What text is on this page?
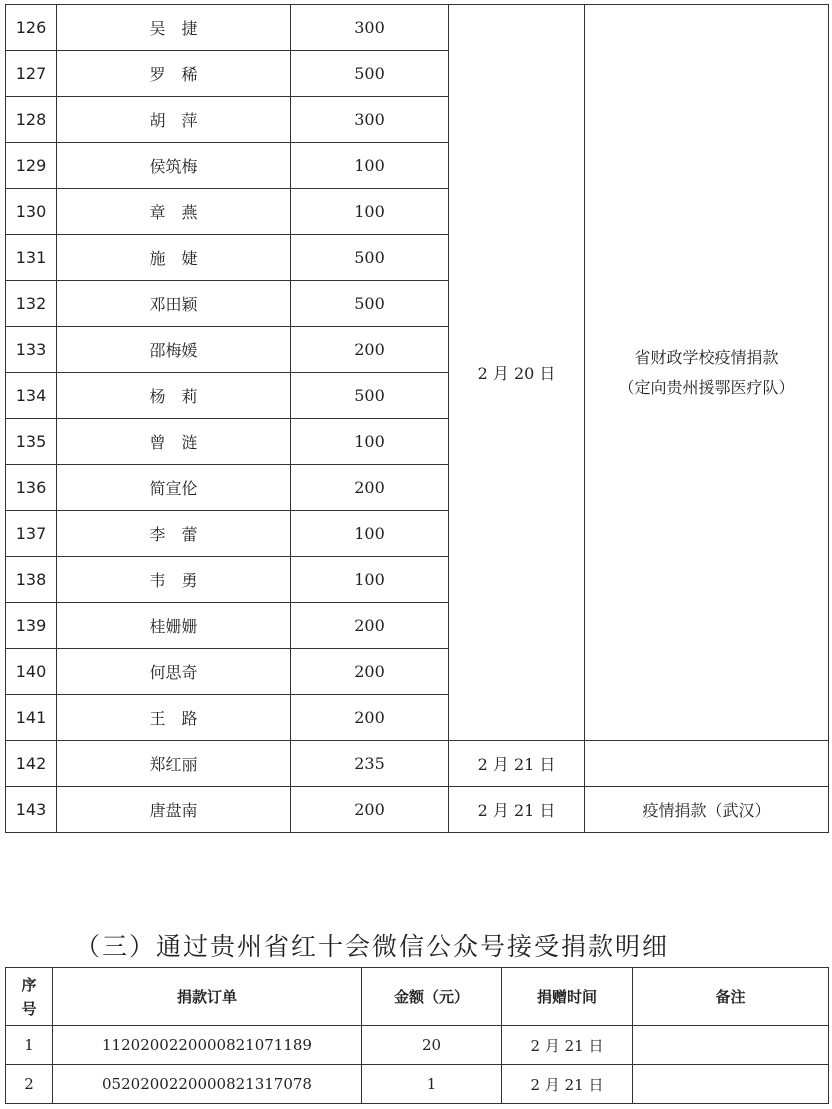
126	吴　捷	300	2 月 20 日	省财政学校疫情捐款
（定向贵州援鄂医疗队）
127	罗　稀	500		
128	胡　萍	300		
129	侯筑梅	100		
130	章　燕	100		
131	施　婕	500		
132	邓田颖	500		
133	邵梅媛	200		
134	杨　莉	500		
135	曾　涟	100		
136	简宣伦	200		
137	李　蕾	100		
138	韦　勇	100		
139	桂姗姗	200		
140	何思奇	200		
141	王　路	200		
142	郑红丽	235	2 月 21 日	
143	唐盘南	200	2 月 21 日	疫情捐款（武汉）
（三）通过贵州省红十会微信公众号接受捐款明细
序
号	捐款订单	金额（元）	捐赠时间	备注
1	1120200220000821071189	20	2 月 21 日	
2	0520200220000821317078	1	2 月 21 日	
